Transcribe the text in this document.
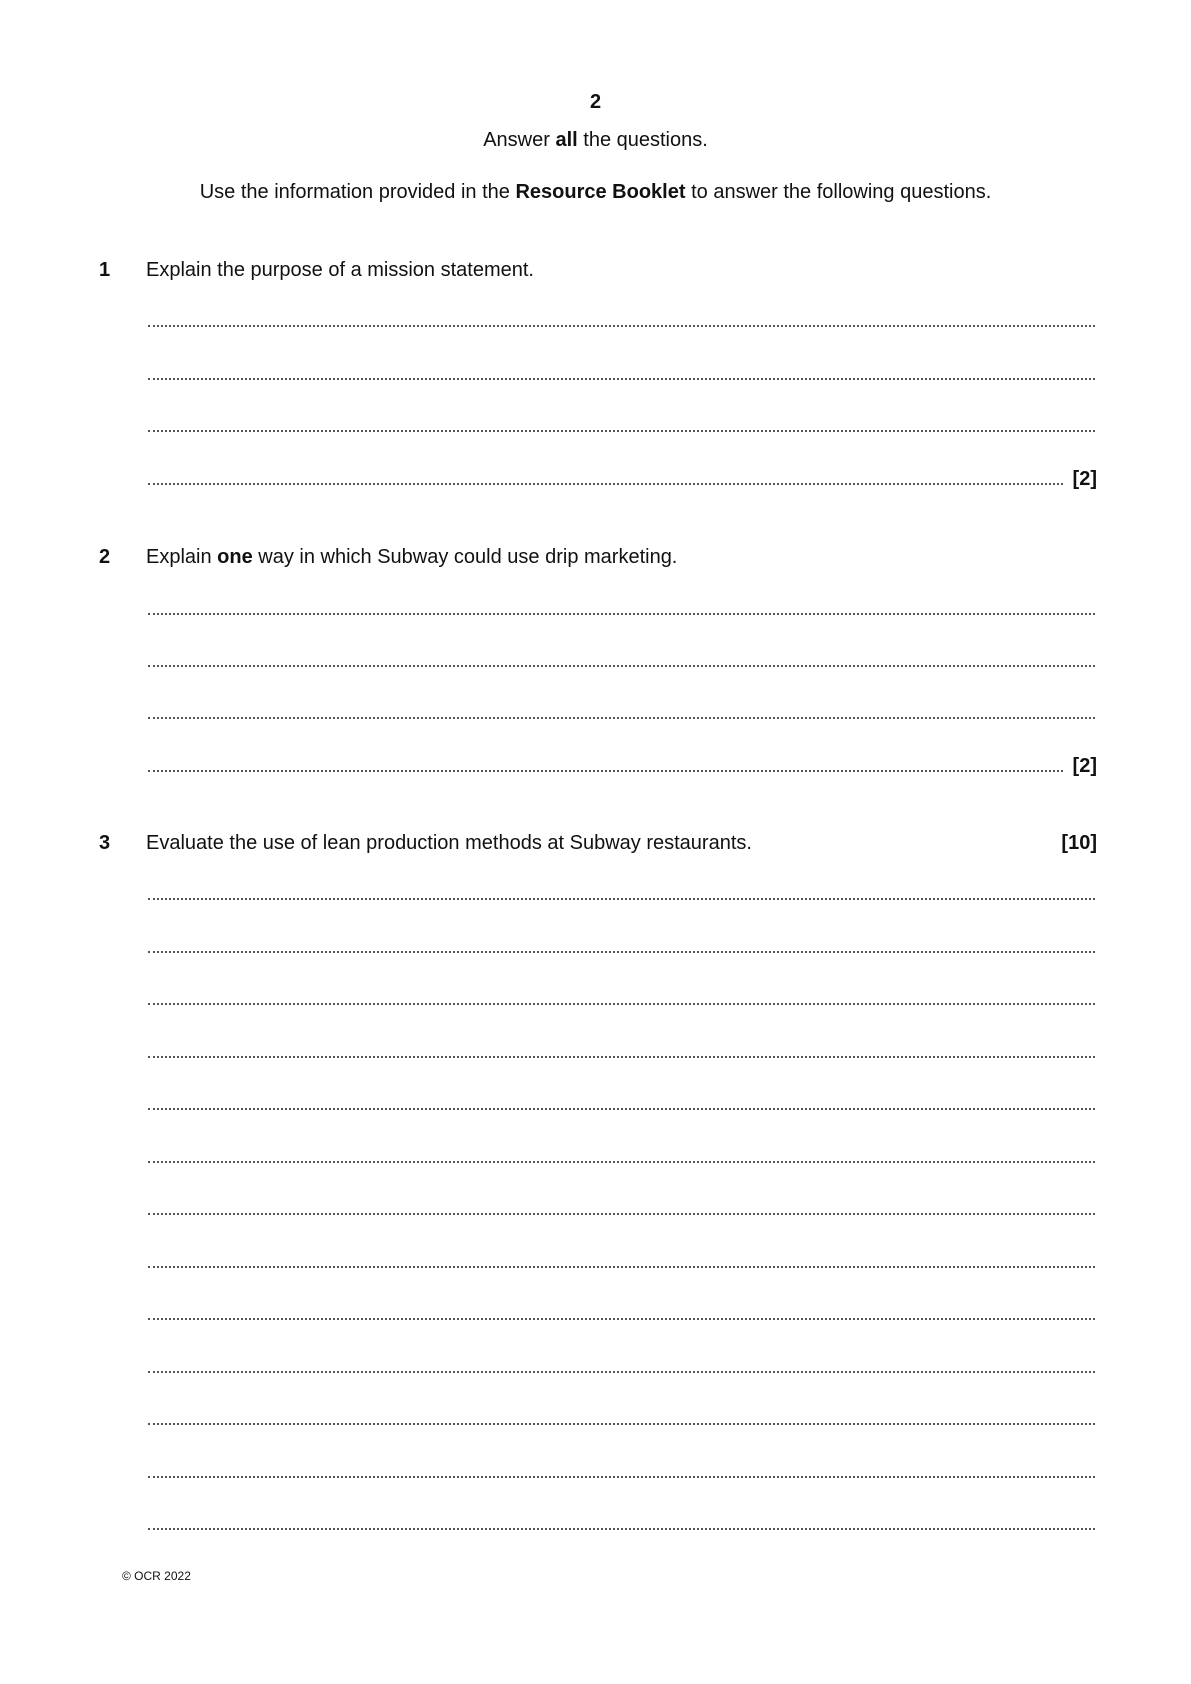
2
Answer all the questions.
Use the information provided in the Resource Booklet to answer the following questions.
1 Explain the purpose of a mission statement.
[2]
2 Explain one way in which Subway could use drip marketing.
[2]
3 Evaluate the use of lean production methods at Subway restaurants.	[10]
© OCR 2022
